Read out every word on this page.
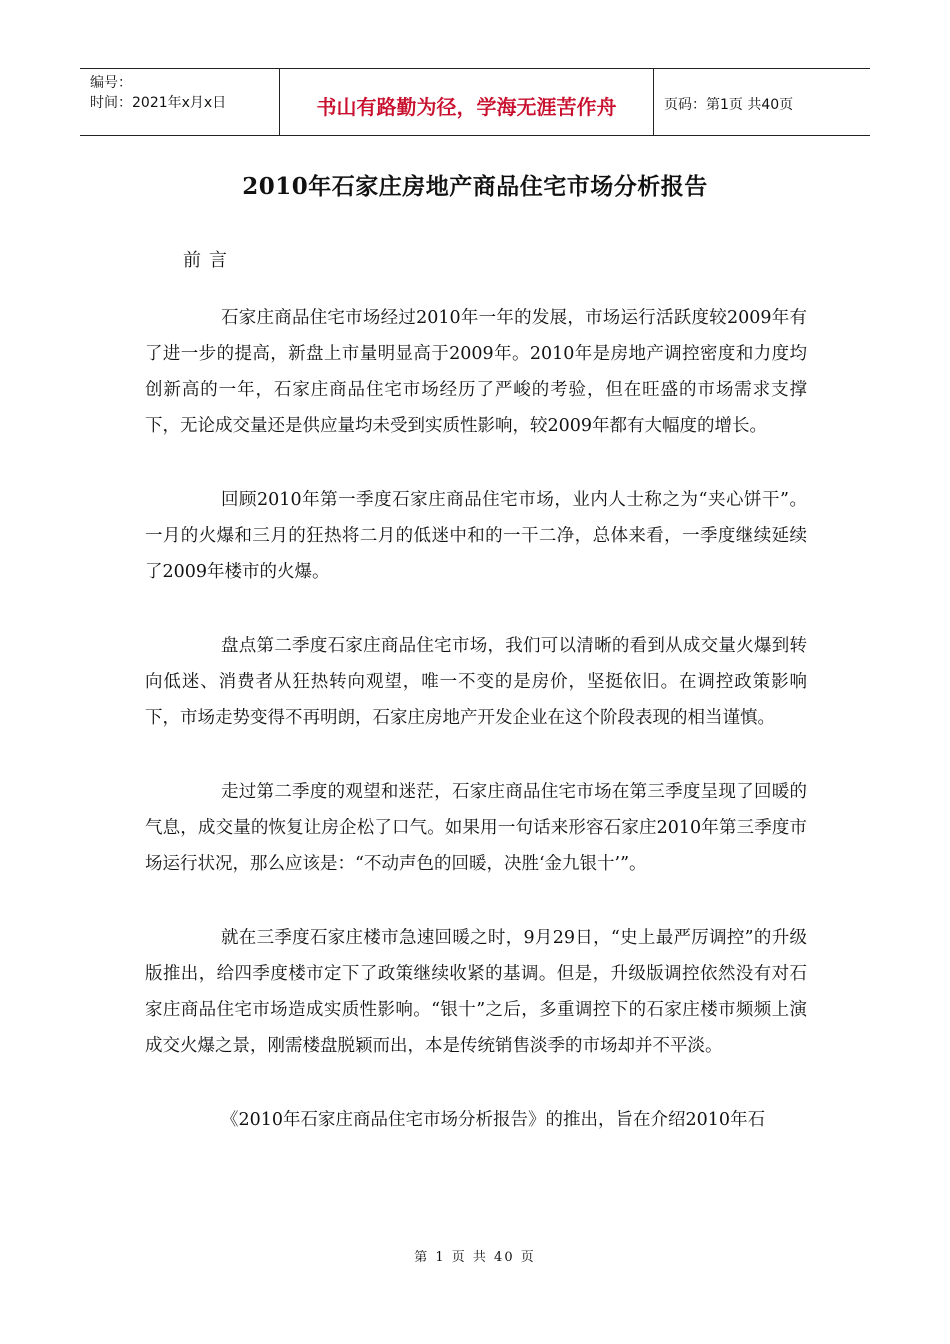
编号：
时间：2021年x月x日	书山有路勤为径，学海无涯苦作舟	页码：第1页 共40页
2010年石家庄房地产商品住宅市场分析报告
前言

石家庄商品住宅市场经过2010年一年的发展，市场运行活跃度较2009年有了进一步的提高，新盘上市量明显高于2009年。2010年是房地产调控密度和力度均创新高的一年，石家庄商品住宅市场经历了严峻的考验，但在旺盛的市场需求支撑下，无论成交量还是供应量均未受到实质性影响，较2009年都有大幅度的增长。

回顾2010年第一季度石家庄商品住宅市场，业内人士称之为“夹心饼干”。一月的火爆和三月的狂热将二月的低迷中和的一干二净，总体来看，一季度继续延续了2009年楼市的火爆。

盘点第二季度石家庄商品住宅市场，我们可以清晰的看到从成交量火爆到转向低迷、消费者从狂热转向观望，唯一不变的是房价，坚挺依旧。在调控政策影响下，市场走势变得不再明朗，石家庄房地产开发企业在这个阶段表现的相当谨慎。

走过第二季度的观望和迷茫，石家庄商品住宅市场在第三季度呈现了回暖的气息，成交量的恢复让房企松了口气。如果用一句话来形容石家庄2010年第三季度市场运行状况，那么应该是：“不动声色的回暖，决胜‘金九银十’”。

就在三季度石家庄楼市急速回暖之时，9月29日，“史上最严厉调控”的升级版推出，给四季度楼市定下了政策继续收紧的基调。但是，升级版调控依然没有对石家庄商品住宅市场造成实质性影响。“银十”之后，多重调控下的石家庄楼市频频上演成交火爆之景，刚需楼盘脱颖而出，本是传统销售淡季的市场却并不平淡。

《2010年石家庄商品住宅市场分析报告》的推出，旨在介绍2010年石

第 1 页 共 40 页
